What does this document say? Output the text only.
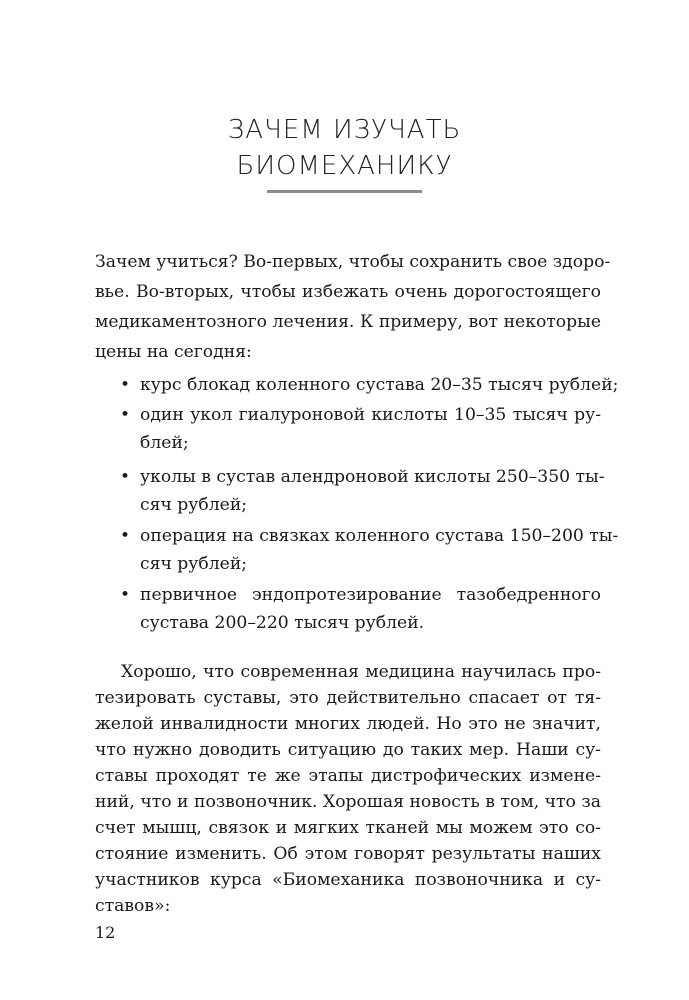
ЗАЧЕМ ИЗУЧАТЬ
БИОМЕХАНИКУ
Зачем учиться? Во-первых, чтобы сохранить свое здоро-
вье. Во-вторых, чтобы избежать очень дорогостоящего
медикаментозного лечения. К примеру, вот некоторые
цены на сегодня:
• курс блокад коленного сустава 20–35 тысяч рублей;
• один укол гиалуроновой кислоты 10–35 тысяч ру-
блей;
• уколы в сустав алендроновой кислоты 250–350 ты-
сяч рублей;
• операция на связках коленного сустава 150–200 ты-
сяч рублей;
• первичное эндопротезирование тазобедренного
сустава 200–220 тысяч рублей.
Хорошо, что современная медицина научилась про-
тезировать суставы, это действительно спасает от тя-
желой инвалидности многих людей. Но это не значит,
что нужно доводить ситуацию до таких мер. Наши су-
ставы проходят те же этапы дистрофических измене-
ний, что и позвоночник. Хорошая новость в том, что за
счет мышц, связок и мягких тканей мы можем это со-
стояние изменить. Об этом говорят результаты наших
участников курса «Биомеханика позвоночника и су-
ставов»:
12
